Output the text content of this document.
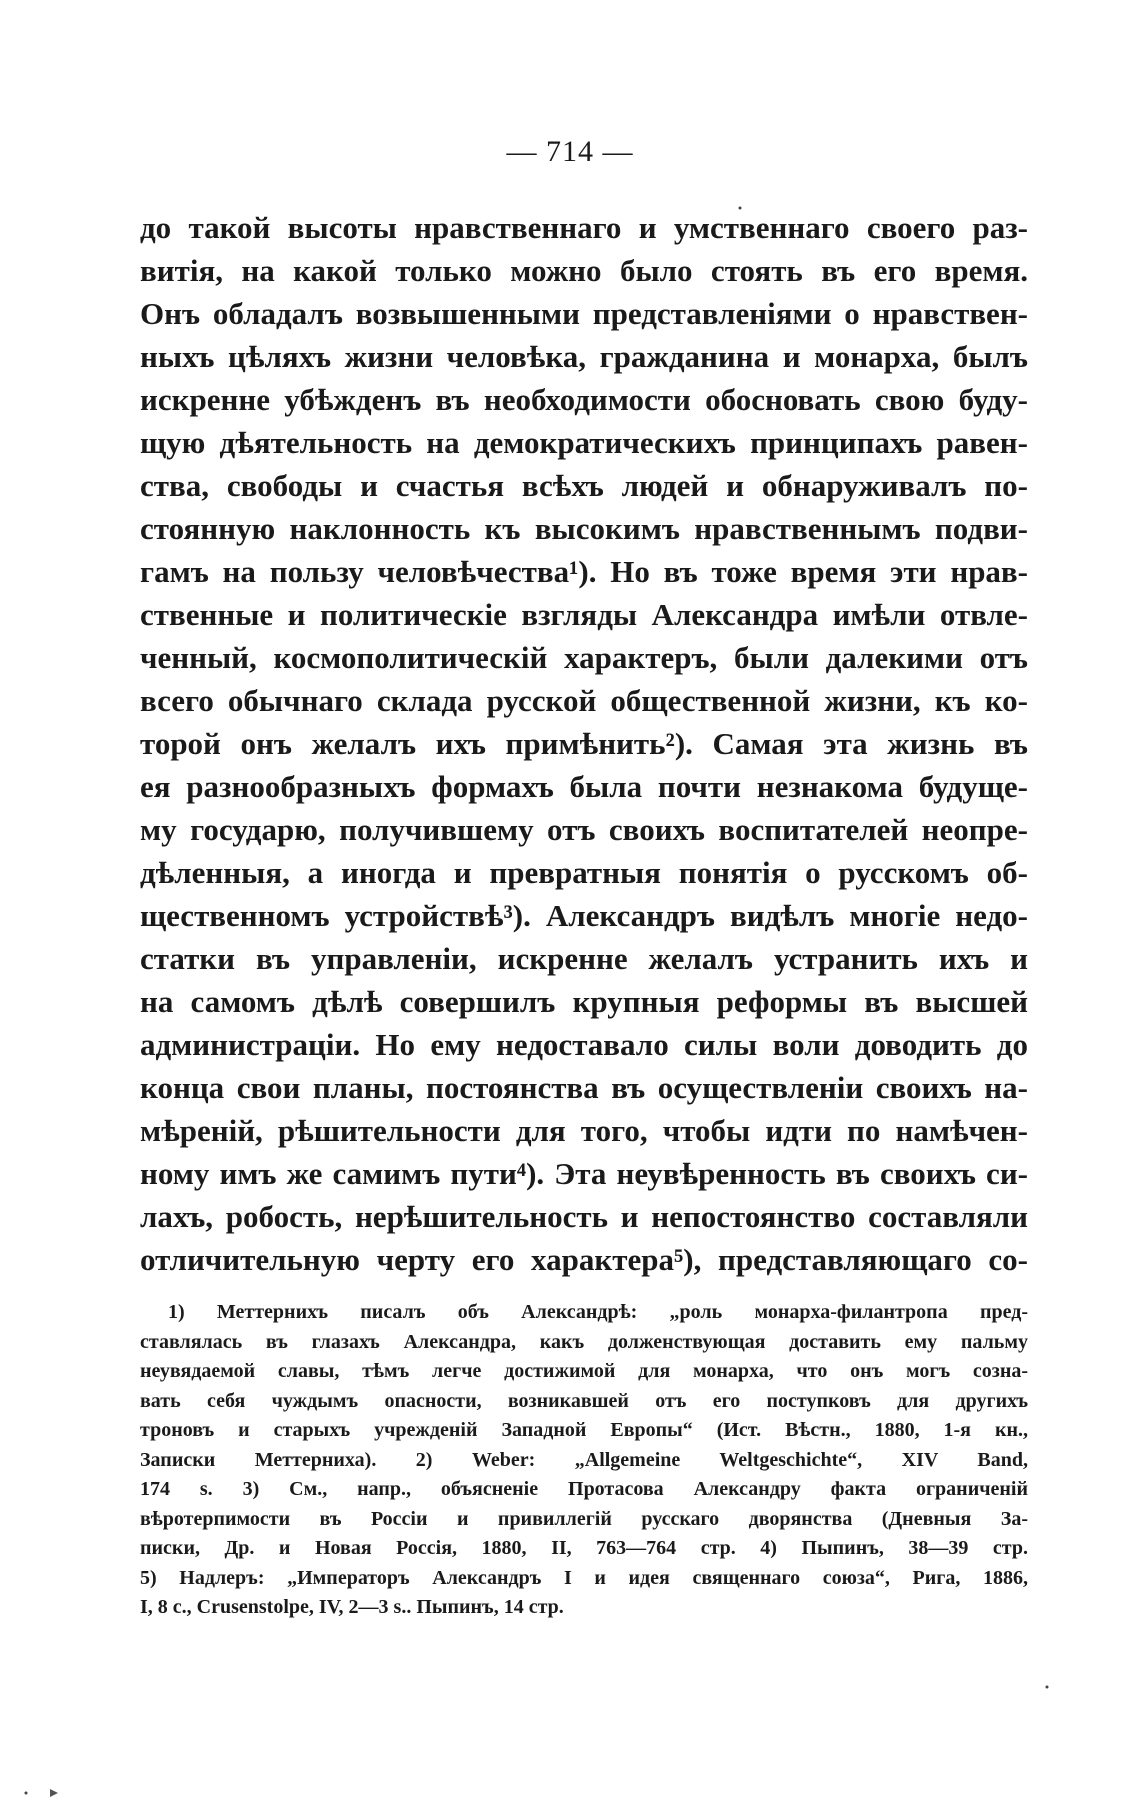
— 714 —
до такой высоты нравственнаго и умственнаго своего раз-
витія, на какой только можно было стоять въ его время.
Онъ обладалъ возвышенными представленіями о нравствен-
ныхъ цѣляхъ жизни человѣка, гражданина и монарха, былъ
искренне убѣжденъ въ необходимости обосновать свою буду-
щую дѣятельность на демократическихъ принципахъ равен-
ства, свободы и счастья всѣхъ людей и обнаруживалъ по-
стоянную наклонность къ высокимъ нравственнымъ подви-
гамъ на пользу человѣчества¹). Но въ тоже время эти нрав-
ственные и политическіе взгляды Александра имѣли отвле-
ченный, космополитическій характеръ, были далекими отъ
всего обычнаго склада русской общественной жизни, къ ко-
торой онъ желалъ ихъ примѣнить²). Самая эта жизнь въ
ея разнообразныхъ формахъ была почти незнакома будуще-
му государю, получившему отъ своихъ воспитателей неопре-
дѣленныя, а иногда и превратныя понятія о русскомъ об-
щественномъ устройствѣ³). Александръ видѣлъ многіе недо-
статки въ управленіи, искренне желалъ устранить ихъ и
на самомъ дѣлѣ совершилъ крупныя реформы въ высшей
администраціи. Но ему недоставало силы воли доводить до
конца свои планы, постоянства въ осуществленіи своихъ на-
мѣреній, рѣшительности для того, чтобы идти по намѣчен-
ному имъ же самимъ пути⁴). Эта неувѣренность въ своихъ си-
лахъ, робость, нерѣшительность и непостоянство составляли
отличительную черту его характера⁵), представляющаго со-
1) Меттернихъ писалъ объ Александрѣ: „роль монарха-филантропа пред-
ставлялась въ глазахъ Александра, какъ долженствующая доставить ему пальму
неувядаемой славы, тѣмъ легче достижимой для монарха, что онъ могъ созна-
вать себя чуждымъ опасности, возникавшей отъ его поступковъ для другихъ
троновъ и старыхъ учрежденій Западной Европы“ (Ист. Вѣстн., 1880, 1-я кн.,
Записки Меттерниха). 2) Weber: „Allgemeine Weltgeschichte“, XIV Band,
174 s. 3) См., напр., объясненіе Протасова Александру факта ограниченій
вѣротерпимости въ Россіи и привиллегій русскаго дворянства (Дневныя За-
писки, Др. и Новая Россія, 1880, II, 763—764 стр. 4) Пыпинъ, 38—39 стр.
5) Надлеръ: „Императоръ Александръ I и идея священнаго союза“, Рига, 1886,
I, 8 с., Crusenstolpe, IV, 2—3 s.. Пыпинъ, 14 стр.
